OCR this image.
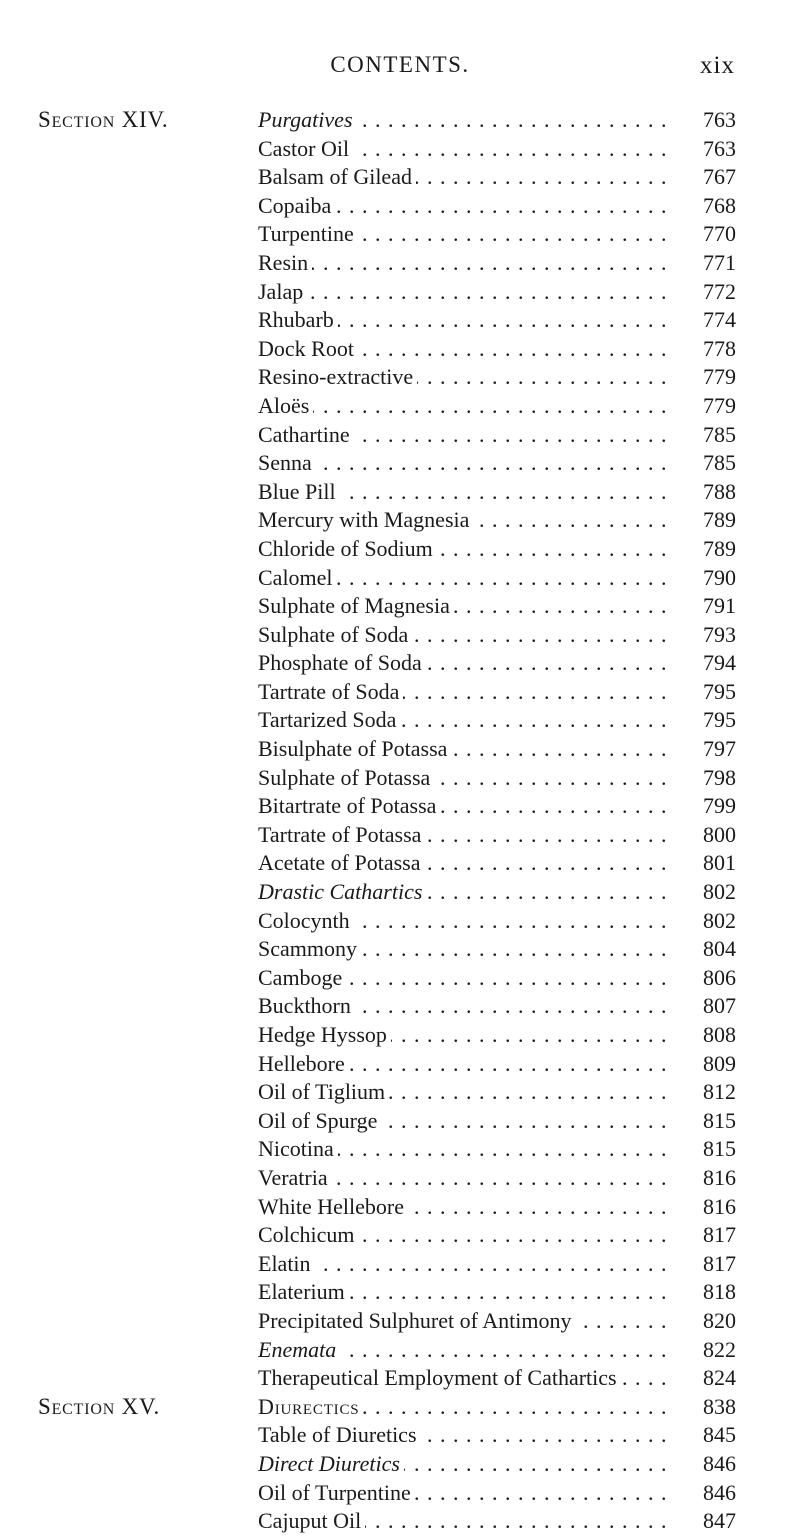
CONTENTS.	xix
Section XIV.	Purgatives . . .	763
Castor Oil . . .	763
Balsam of Gilead . . .	767
Copaiba . . .	768
Turpentine . . .	770
Resin . . .	771
Jalap . . .	772
Rhubarb . . .	774
Dock Root . . .	778
Resino-extractive . . .	779
Aloës . . .	779
Cathartine . . .	785
Senna . . .	785
Blue Pill . . .	788
Mercury with Magnesia . . .	789
Chloride of Sodium . . .	789
Calomel . . .	790
Sulphate of Magnesia . . .	791
Sulphate of Soda . . .	793
Phosphate of Soda . . .	794
Tartrate of Soda . . .	795
Tartarized Soda . . .	795
Bisulphate of Potassa . . .	797
Sulphate of Potassa . . .	798
Bitartrate of Potassa . . .	799
Tartrate of Potassa . . .	800
Acetate of Potassa . . .	801
Drastic Cathartics . . .	802
Colocynth . . .	802
Scammony . . .	804
Camboge . . .	806
Buckthorn . . .	807
Hedge Hyssop . . .	808
Hellebore . . .	809
Oil of Tiglium . . .	812
Oil of Spurge . . .	815
Nicotina . . .	815
Veratria . . .	816
White Hellebore . . .	816
Colchicum . . .	817
Elatin . . .	817
Elaterium . . .	818
Precipitated Sulphuret of Antimony . . .	820
Enemata . . .	822
Therapeutical Employment of Cathartics . . .	824
Section XV.	Diurectics . . .	838
Table of Diuretics . . .	845
Direct Diuretics . . .	846
Oil of Turpentine . . .	846
Cajuput Oil . . .	847
